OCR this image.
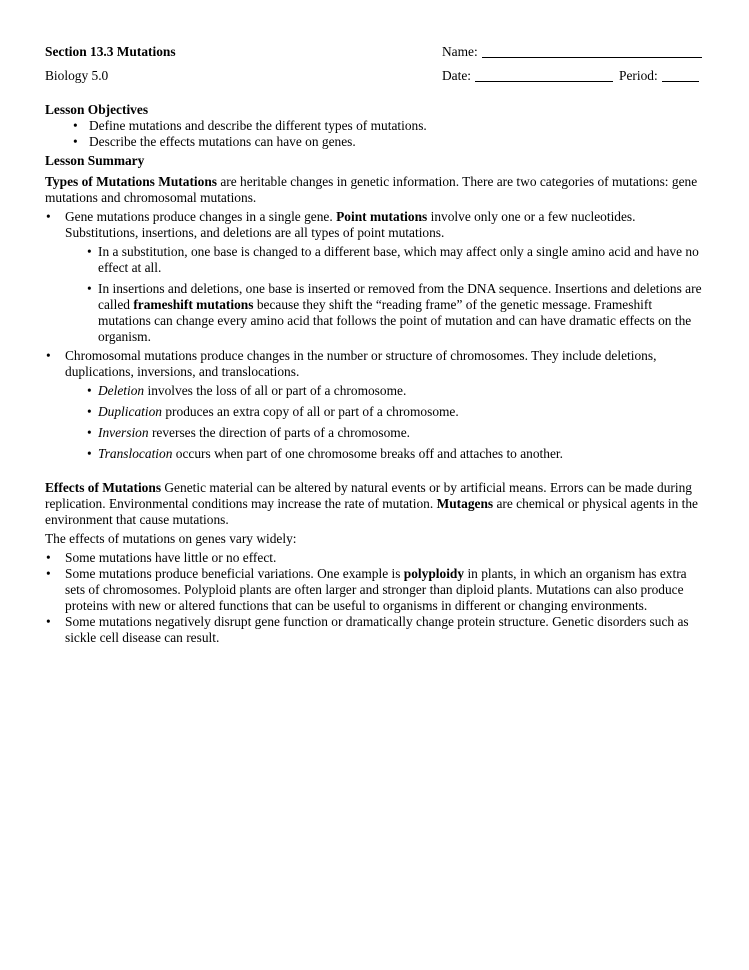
Section 13.3 Mutations	Name:
Biology 5.0	Date:	Period:
Lesson Objectives
• Define mutations and describe the different types of mutations.
• Describe the effects mutations can have on genes.
Lesson Summary

Types of Mutations Mutations are heritable changes in genetic information. There are two categories of mutations: gene mutations and chromosomal mutations.

• Gene mutations produce changes in a single gene. Point mutations involve only one or a few nucleotides. Substitutions, insertions, and deletions are all types of point mutations.
• In a substitution, one base is changed to a different base, which may affect only a single amino acid and have no effect at all.
• In insertions and deletions, one base is inserted or removed from the DNA sequence. Insertions and deletions are called frameshift mutations because they shift the “reading frame” of the genetic message. Frameshift mutations can change every amino acid that follows the point of mutation and can have dramatic effects on the organism.
• Chromosomal mutations produce changes in the number or structure of chromosomes. They include deletions, duplications, inversions, and translocations.
• Deletion involves the loss of all or part of a chromosome.
• Duplication produces an extra copy of all or part of a chromosome.
• Inversion reverses the direction of parts of a chromosome.
• Translocation occurs when part of one chromosome breaks off and attaches to another.

Effects of Mutations Genetic material can be altered by natural events or by artificial means. Errors can be made during replication. Environmental conditions may increase the rate of mutation. Mutagens are chemical or physical agents in the environment that cause mutations.

The effects of mutations on genes vary widely:

• Some mutations have little or no effect.
• Some mutations produce beneficial variations. One example is polyploidy in plants, in which an organism has extra sets of chromosomes. Polyploid plants are often larger and stronger than diploid plants. Mutations can also produce proteins with new or altered functions that can be useful to organisms in different or changing environments.
• Some mutations negatively disrupt gene function or dramatically change protein structure. Genetic disorders such as sickle cell disease can result.
